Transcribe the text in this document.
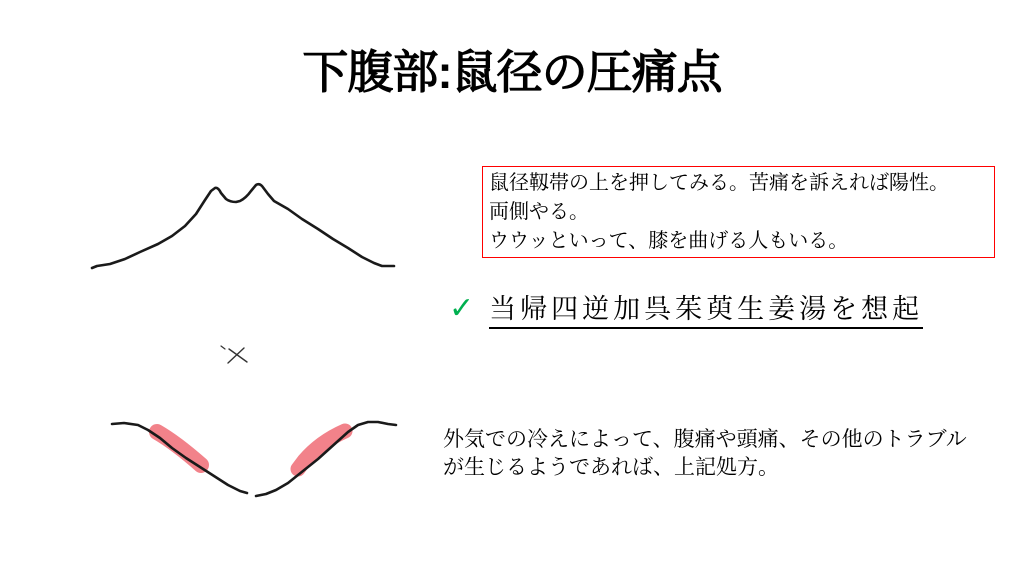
下腹部:鼠径の圧痛点
鼠径靱帯の上を押してみる。苦痛を訴えれば陽性。
両側やる。
ウウッといって、膝を曲げる人もいる。
✓ 当帰四逆加呉茱萸生姜湯を想起
外気での冷えによって、腹痛や頭痛、その他のトラブル
が生じるようであれば、上記処方。
